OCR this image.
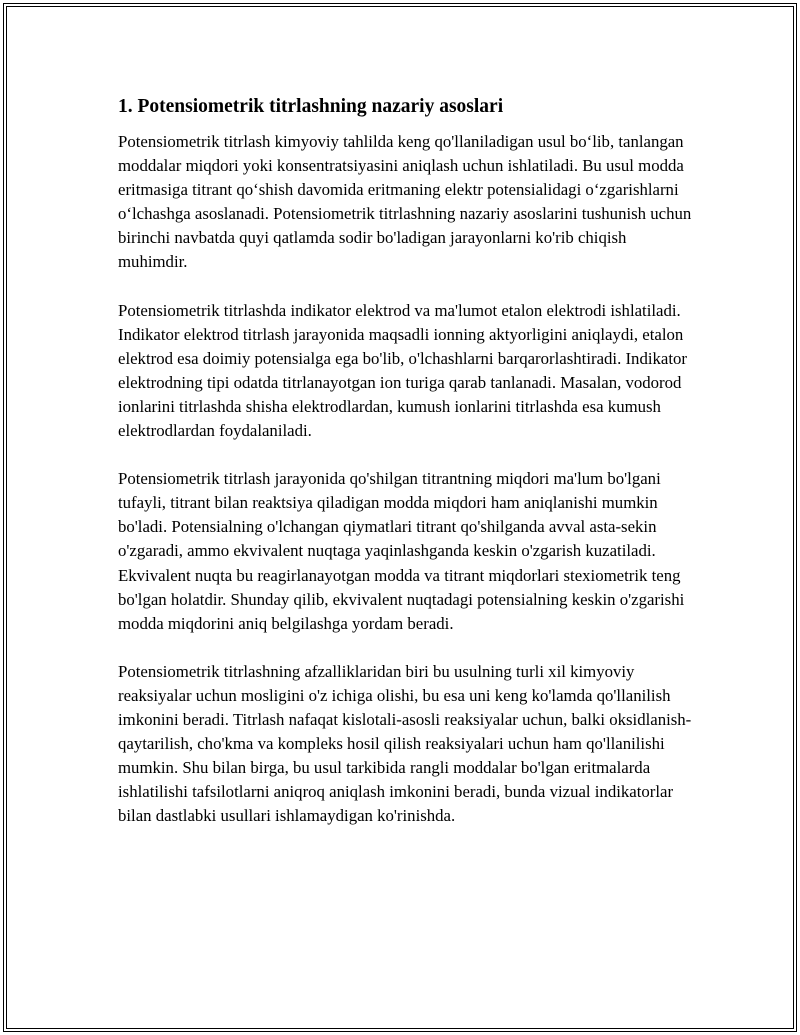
1. Potensiometrik titrlashning nazariy asoslari

Potensiometrik titrlash kimyoviy tahlilda keng qo'llaniladigan usul bo‘lib, tanlangan moddalar miqdori yoki konsentratsiyasini aniqlash uchun ishlatiladi. Bu usul modda eritmasiga titrant qo‘shish davomida eritmaning elektr potensialidagi o‘zgarishlarni o‘lchashga asoslanadi. Potensiometrik titrlashning nazariy asoslarini tushunish uchun birinchi navbatda quyi qatlamda sodir bo'ladigan jarayonlarni ko'rib chiqish muhimdir.

Potensiometrik titrlashda indikator elektrod va ma'lumot etalon elektrodi ishlatiladi. Indikator elektrod titrlash jarayonida maqsadli ionning aktyorligini aniqlaydi, etalon elektrod esa doimiy potensialga ega bo'lib, o'lchashlarni barqarorlashtiradi. Indikator elektrodning tipi odatda titrlanayotgan ion turiga qarab tanlanadi. Masalan, vodorod ionlarini titrlashda shisha elektrodlardan, kumush ionlarini titrlashda esa kumush elektrodlardan foydalaniladi.

Potensiometrik titrlash jarayonida qo'shilgan titrantning miqdori ma'lum bo'lgani tufayli, titrant bilan reaktsiya qiladigan modda miqdori ham aniqlanishi mumkin bo'ladi. Potensialning o'lchangan qiymatlari titrant qo'shilganda avval asta-sekin o'zgaradi, ammo ekvivalent nuqtaga yaqinlashganda keskin o'zgarish kuzatiladi. Ekvivalent nuqta bu reagirlanayotgan modda va titrant miqdorlari stexiometrik teng bo'lgan holatdir. Shunday qilib, ekvivalent nuqtadagi potensialning keskin o'zgarishi modda miqdorini aniq belgilashga yordam beradi.

Potensiometrik titrlashning afzalliklaridan biri bu usulning turli xil kimyoviy reaksiyalar uchun mosligini o'z ichiga olishi, bu esa uni keng ko'lamda qo'llanilish imkonini beradi. Titrlash nafaqat kislotali-asosli reaksiyalar uchun, balki oksidlanish-qaytarilish, cho'kma va kompleks hosil qilish reaksiyalari uchun ham qo'llanilishi mumkin. Shu bilan birga, bu usul tarkibida rangli moddalar bo'lgan eritmalarda ishlatilishi tafsilotlarni aniqroq aniqlash imkonini beradi, bunda vizual indikatorlar bilan dastlabki usullari ishlamaydigan ko'rinishda.
